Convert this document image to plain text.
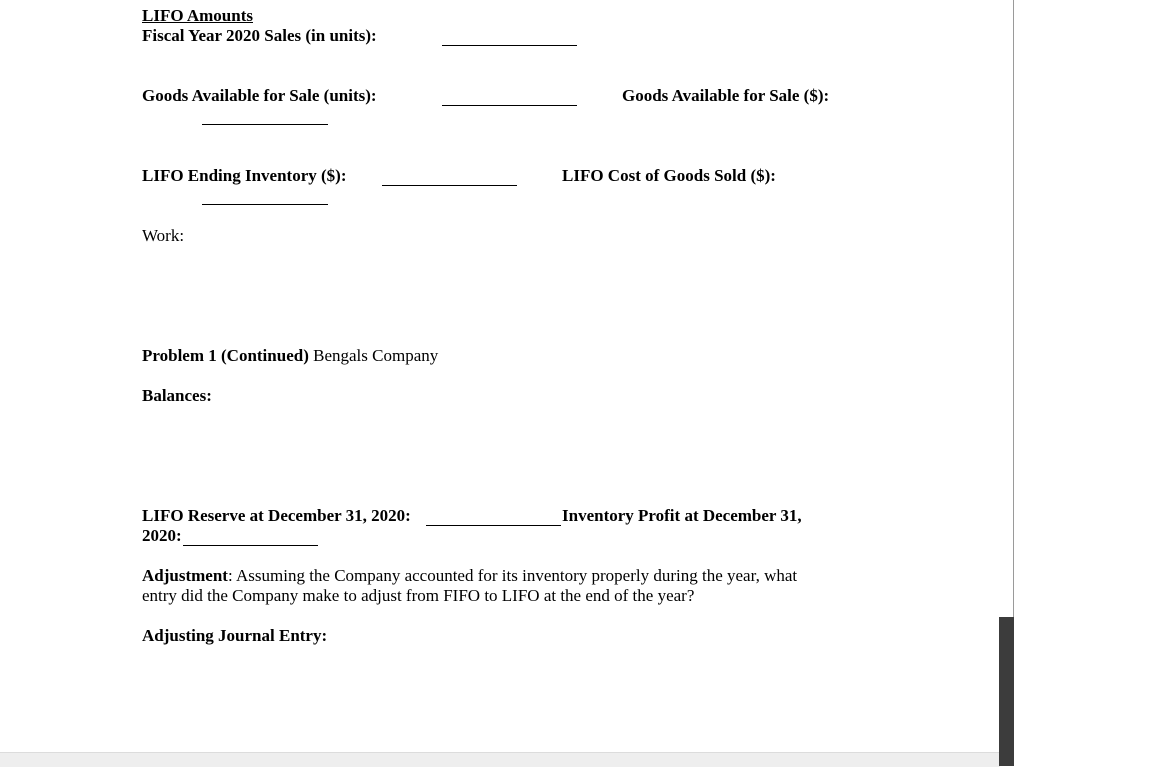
LIFO Amounts
Fiscal Year 2020 Sales (in units):
Goods Available for Sale (units):	Goods Available for Sale ($):
LIFO Ending Inventory ($):	LIFO Cost of Goods Sold ($):
Work:
Problem 1 (Continued) Bengals Company
Balances:
LIFO Reserve at December 31, 2020:	Inventory Profit at December 31,
2020:
Adjustment: Assuming the Company accounted for its inventory properly during the year, what
entry did the Company make to adjust from FIFO to LIFO at the end of the year?
Adjusting Journal Entry:
